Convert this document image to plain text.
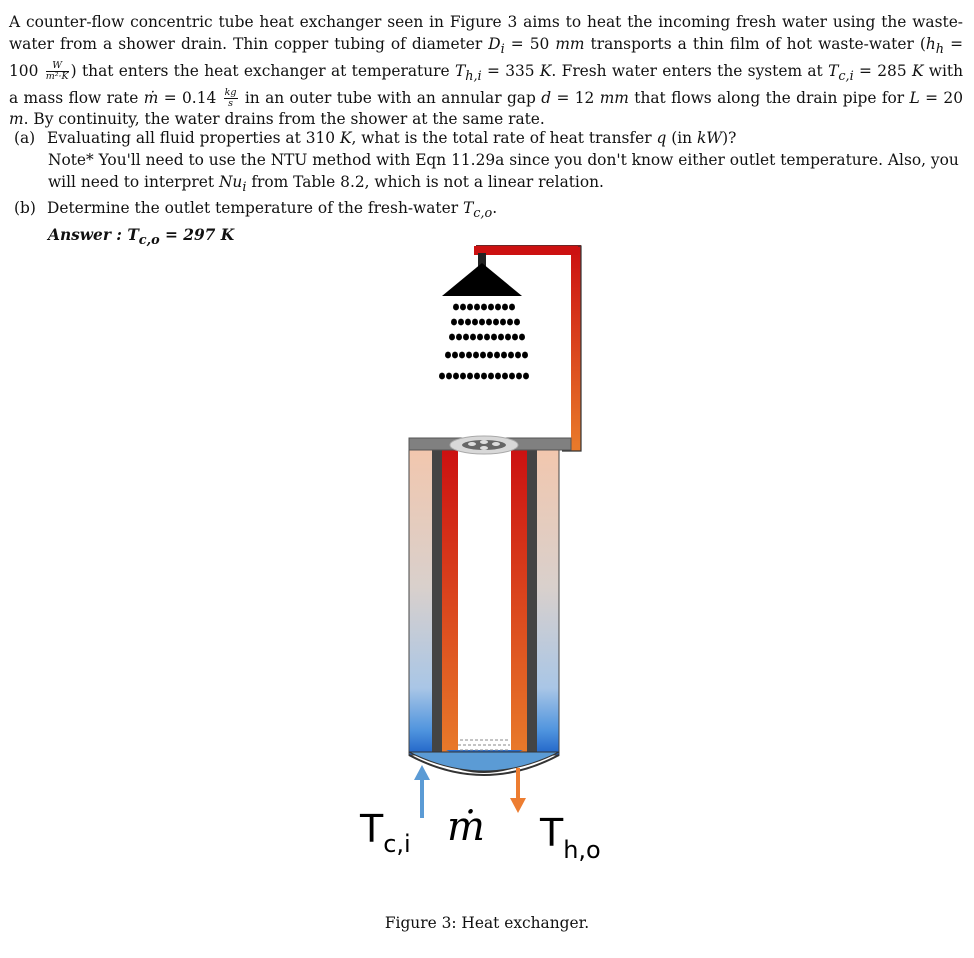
A counter-flow concentric tube heat exchanger seen in Figure 3 aims to heat the incoming fresh water using the waste-water from a shower drain. Thin copper tubing of diameter $D_i = 50$ mm transports a thin film of hot waste-water ($h_h = 100 \frac{W}{\text{m²·K}}$ ) that enters the heat exchanger at temperature $T_{h,i} = 335$ K. Fresh water enters the system at $T_{c,i} = 285$ K with a mass flow rate ṁ = $0.14 \frac{kg}{s}$ in an outer tube with an annular gap d = 12 mm that flows along the drain pipe for L = 20 m. By continuity, the water drains from the shower at the same rate.
(a) Evaluating all fluid properties at 310 K, what is the total rate of heat transfer q (in kW)?
Note* You'll need to use the NTU method with Eqn 11.29a since you don't know either outlet temperature. Also, you will need to interpret $Nu_i$ from Table 8.2, which is not a linear relation.
(b) Determine the outlet temperature of the fresh-water $T_{c,o}$.
Answer : $T_{c,o} = 297$ K
$T_{c,i}$ ṁ $T_{h,o}$
Figure 3: Heat exchanger.
